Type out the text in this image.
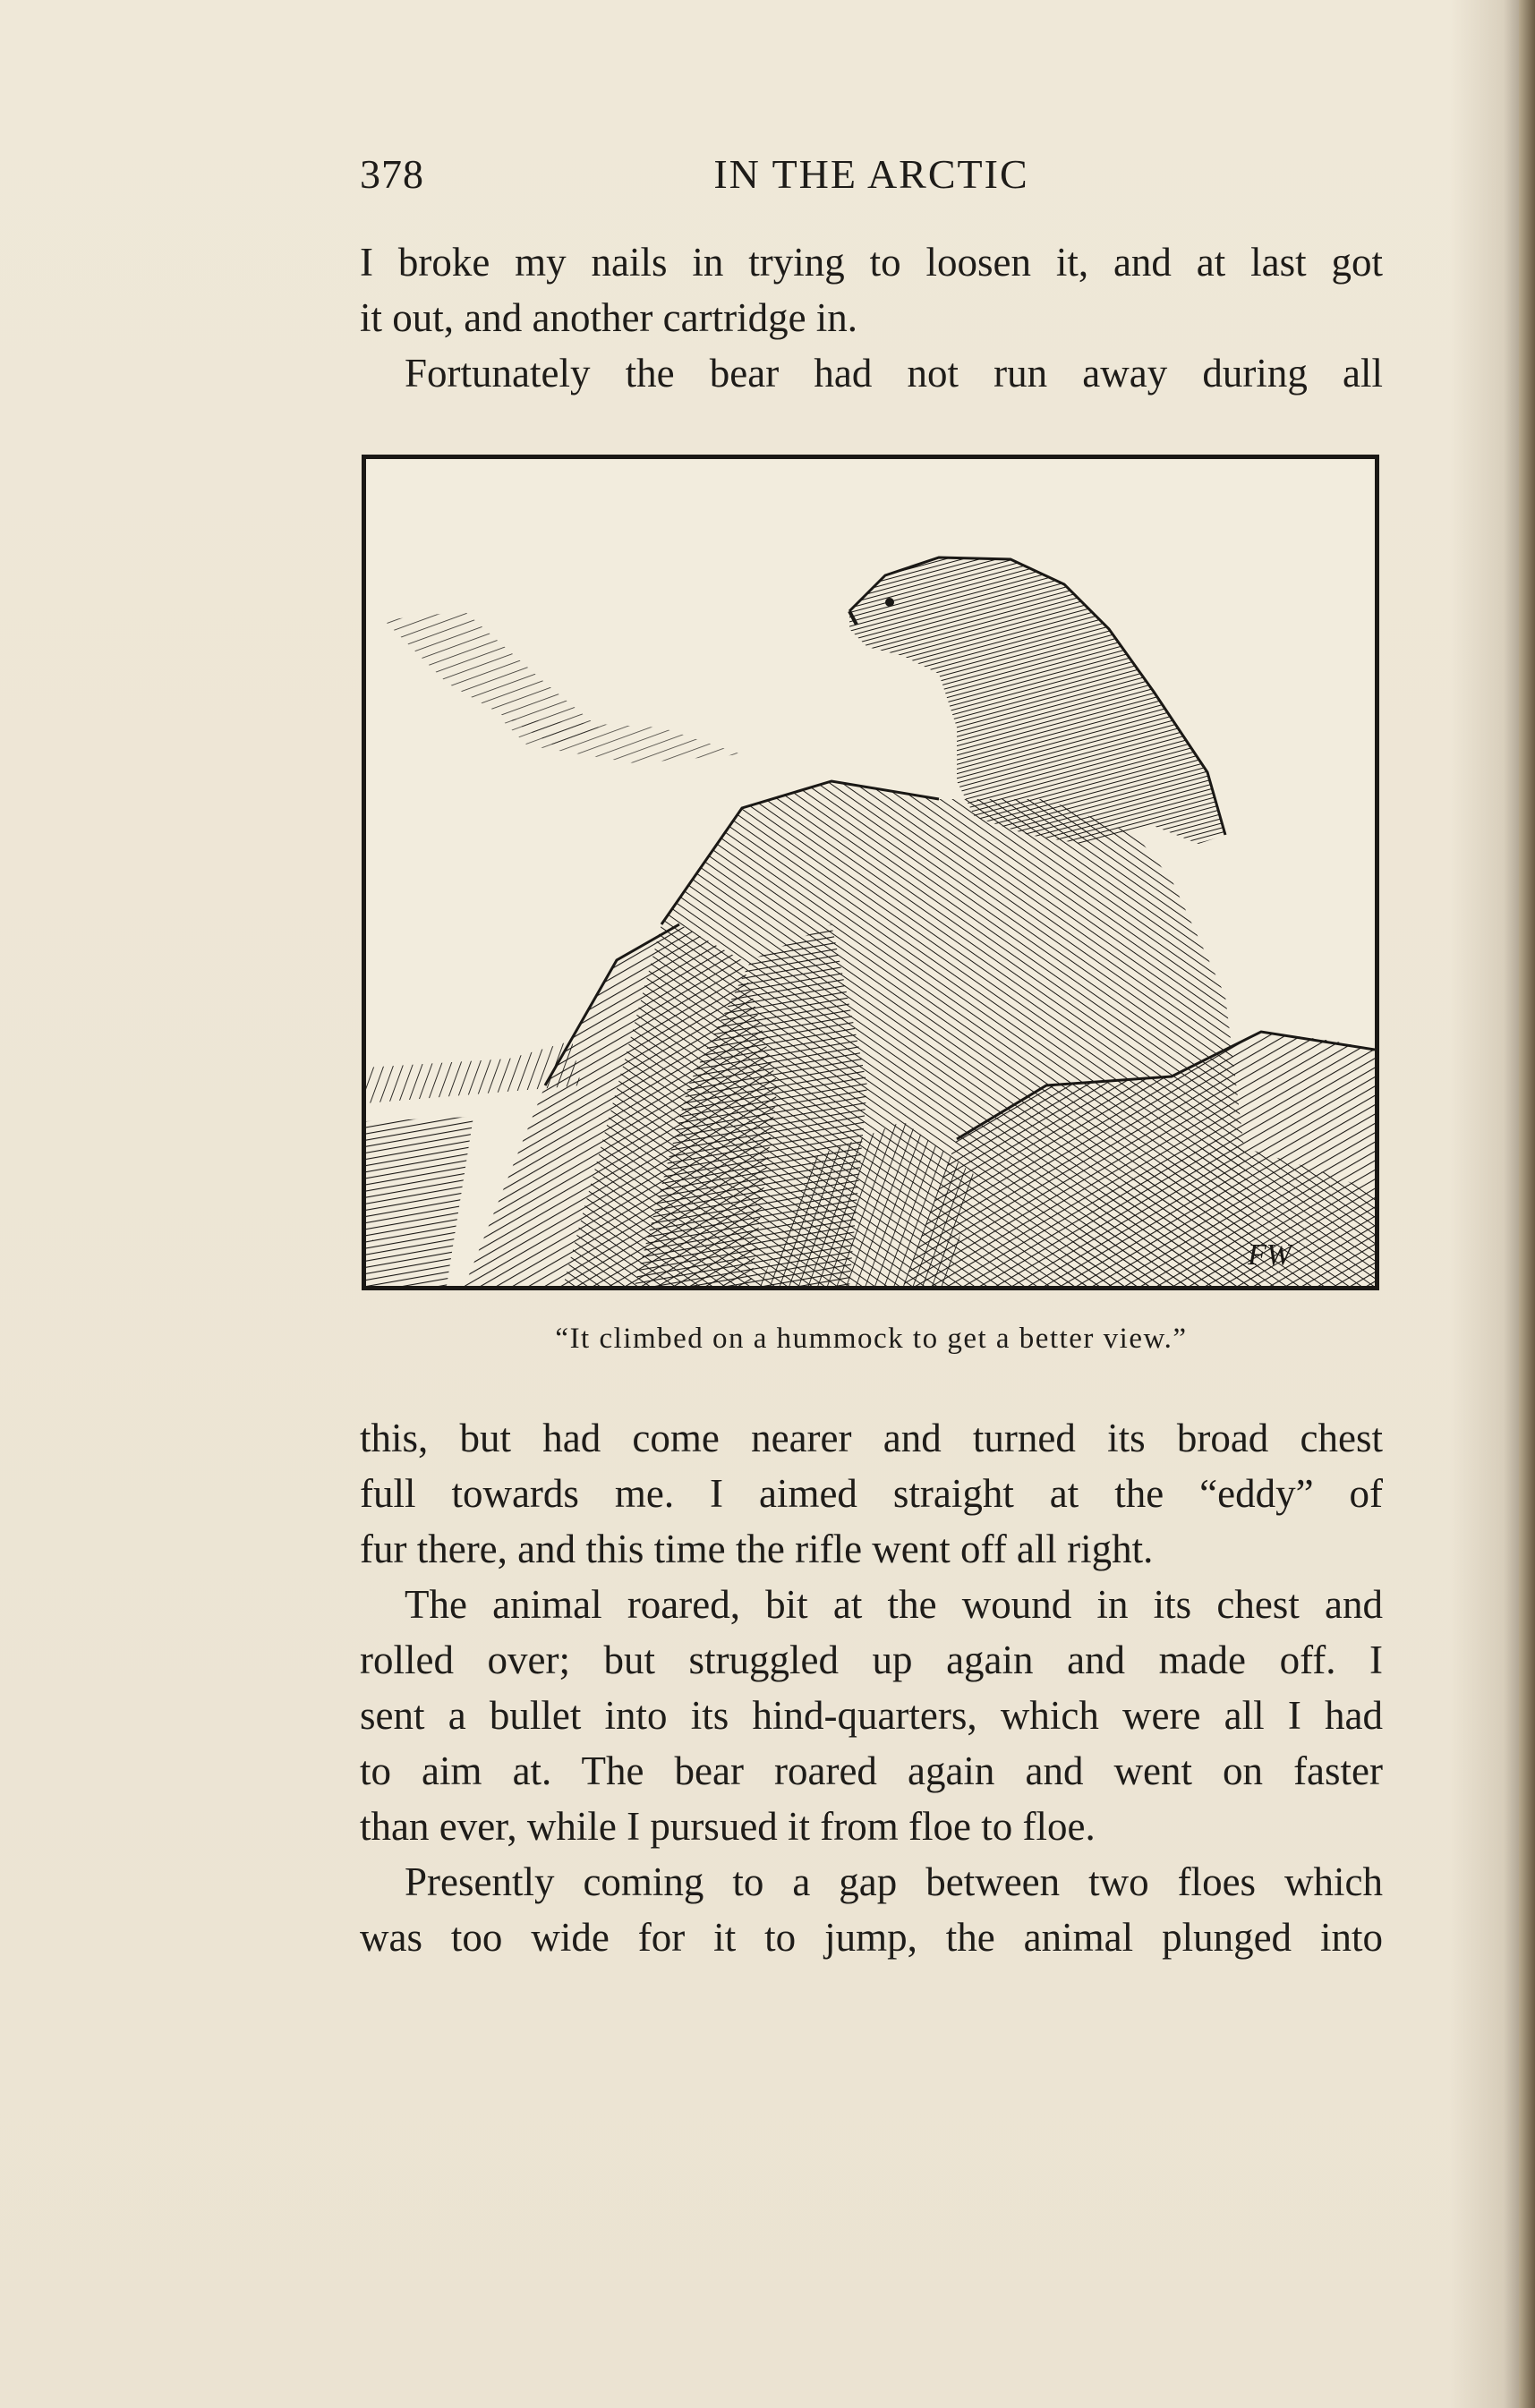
378	IN THE ARCTIC
I broke my nails in trying to loosen it, and at last got
it out, and another cartridge in.
Fortunately the bear had not run away during all
FW
“It climbed on a hummock to get a better view.”
this, but had come nearer and turned its broad chest
full towards me. I aimed straight at the “eddy” of
fur there, and this time the rifle went off all right.
The animal roared, bit at the wound in its chest and
rolled over; but struggled up again and made off. I
sent a bullet into its hind-quarters, which were all I had
to aim at. The bear roared again and went on faster
than ever, while I pursued it from floe to floe.
Presently coming to a gap between two floes which
was too wide for it to jump, the animal plunged into
